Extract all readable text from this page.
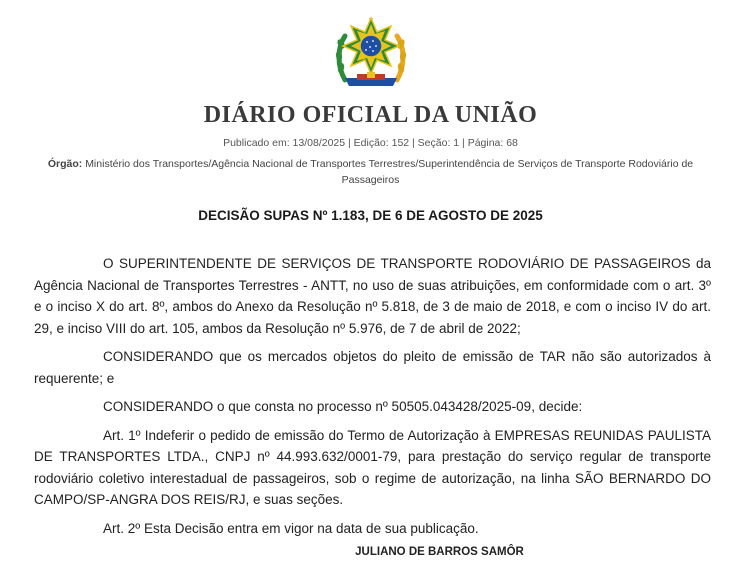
DIÁRIO OFICIAL DA UNIÃO
Publicado em: 13/08/2025 | Edição: 152 | Seção: 1 | Página: 68
Órgão: Ministério dos Transportes/Agência Nacional de Transportes Terrestres/Superintendência de Serviços de Transporte Rodoviário de Passageiros
DECISÃO SUPAS Nº 1.183, DE 6 DE AGOSTO DE 2025

O SUPERINTENDENTE DE SERVIÇOS DE TRANSPORTE RODOVIÁRIO DE PASSAGEIROS da Agência Nacional de Transportes Terrestres - ANTT, no uso de suas atribuições, em conformidade com o art. 3º e o inciso X do art. 8º, ambos do Anexo da Resolução nº 5.818, de 3 de maio de 2018, e com o inciso IV do art. 29, e inciso VIII do art. 105, ambos da Resolução nº 5.976, de 7 de abril de 2022;

CONSIDERANDO que os mercados objetos do pleito de emissão de TAR não são autorizados à requerente; e

CONSIDERANDO o que consta no processo nº 50505.043428/2025-09, decide:

Art. 1º Indeferir o pedido de emissão do Termo de Autorização à EMPRESAS REUNIDAS PAULISTA DE TRANSPORTES LTDA., CNPJ nº 44.993.632/0001-79, para prestação do serviço regular de transporte rodoviário coletivo interestadual de passageiros, sob o regime de autorização, na linha SÃO BERNARDO DO CAMPO/SP-ANGRA DOS REIS/RJ, e suas seções.

Art. 2º Esta Decisão entra em vigor na data de sua publicação.

JULIANO DE BARROS SAMÔR
